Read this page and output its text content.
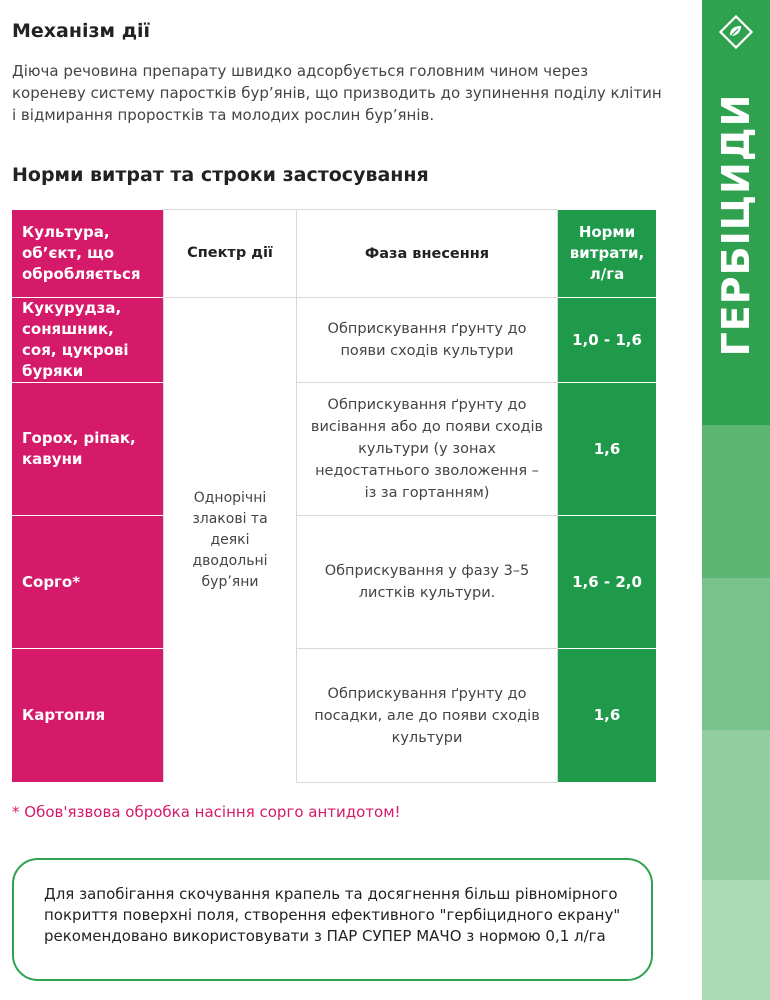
ГЕРБІЦИДИ
Механізм дії

Діюча речовина препарату швидко адсорбується головним чином через кореневу систему паростків бур’янів, що призводить до зупинення поділу клітин і відмирання проростків та молодих рослин бур’янів.

Норми витрат та строки застосування
Культура, об’єкт, що обробляється	Спектр дії	Фаза внесення	Норми витрати, л/га
Кукурудза, соняшник, соя, цукрові буряки	Однорічні злакові та деякі дводольні бур’яни	Обприскування ґрунту до появи сходів культури	1,0 - 1,6
Горох, ріпак, кавуни		Обприскування ґрунту до висівання або до появи сходів культури (у зонах недостатнього зволоження – із за гортанням)	1,6
Сорго*		Обприскування у фазу 3–5 листків культури.	1,6 - 2,0
Картопля		Обприскування ґрунту до посадки, але до появи сходів культури	1,6

* Обов'язвова обробка насіння сорго антидотом!

Для запобігання скочування крапель та досягнення більш рівномірного покриття поверхні поля, створення ефективного "гербіцидного екрану" рекомендовано використовувати з ПАР СУПЕР МАЧО з нормою 0,1 л/га
